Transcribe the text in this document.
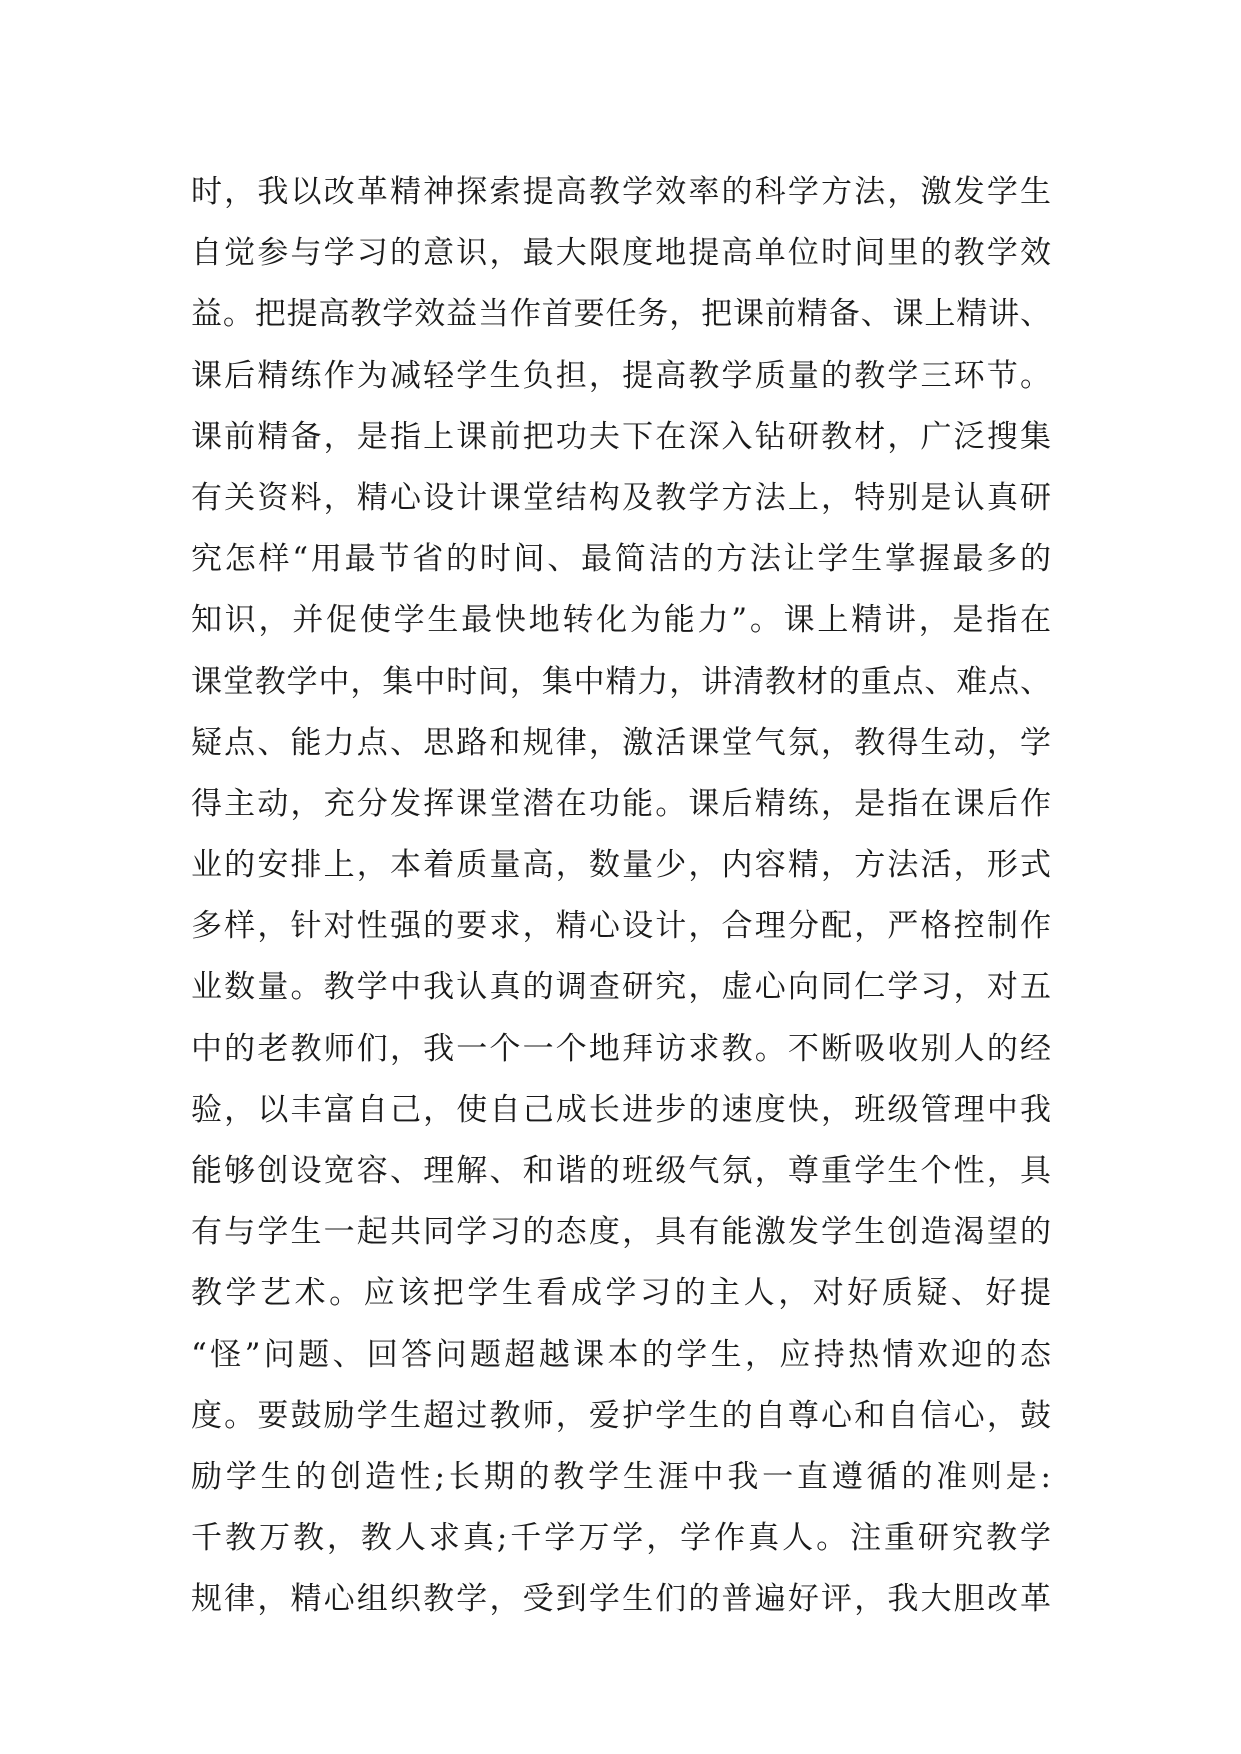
时，我以改革精神探索提高教学效率的科学方法，激发学生
自觉参与学习的意识，最大限度地提高单位时间里的教学效
益。把提高教学效益当作首要任务，把课前精备、课上精讲、
课后精练作为减轻学生负担，提高教学质量的教学三环节。
课前精备，是指上课前把功夫下在深入钻研教材，广泛搜集
有关资料，精心设计课堂结构及教学方法上，特别是认真研
究怎样“用最节省的时间、最简洁的方法让学生掌握最多的
知识，并促使学生最快地转化为能力”。课上精讲，是指在
课堂教学中，集中时间，集中精力，讲清教材的重点、难点、
疑点、能力点、思路和规律，激活课堂气氛，教得生动，学
得主动，充分发挥课堂潜在功能。课后精练，是指在课后作
业的安排上，本着质量高，数量少，内容精，方法活，形式
多样，针对性强的要求，精心设计，合理分配，严格控制作
业数量。教学中我认真的调查研究，虚心向同仁学习，对五
中的老教师们，我一个一个地拜访求教。不断吸收别人的经
验，以丰富自己，使自己成长进步的速度快，班级管理中我
能够创设宽容、理解、和谐的班级气氛，尊重学生个性，具
有与学生一起共同学习的态度，具有能激发学生创造渴望的
教学艺术。应该把学生看成学习的主人，对好质疑、好提
“怪”问题、回答问题超越课本的学生，应持热情欢迎的态
度。要鼓励学生超过教师，爱护学生的自尊心和自信心，鼓
励学生的创造性;长期的教学生涯中我一直遵循的准则是:
千教万教，教人求真;千学万学，学作真人。注重研究教学
规律，精心组织教学，受到学生们的普遍好评，我大胆改革
